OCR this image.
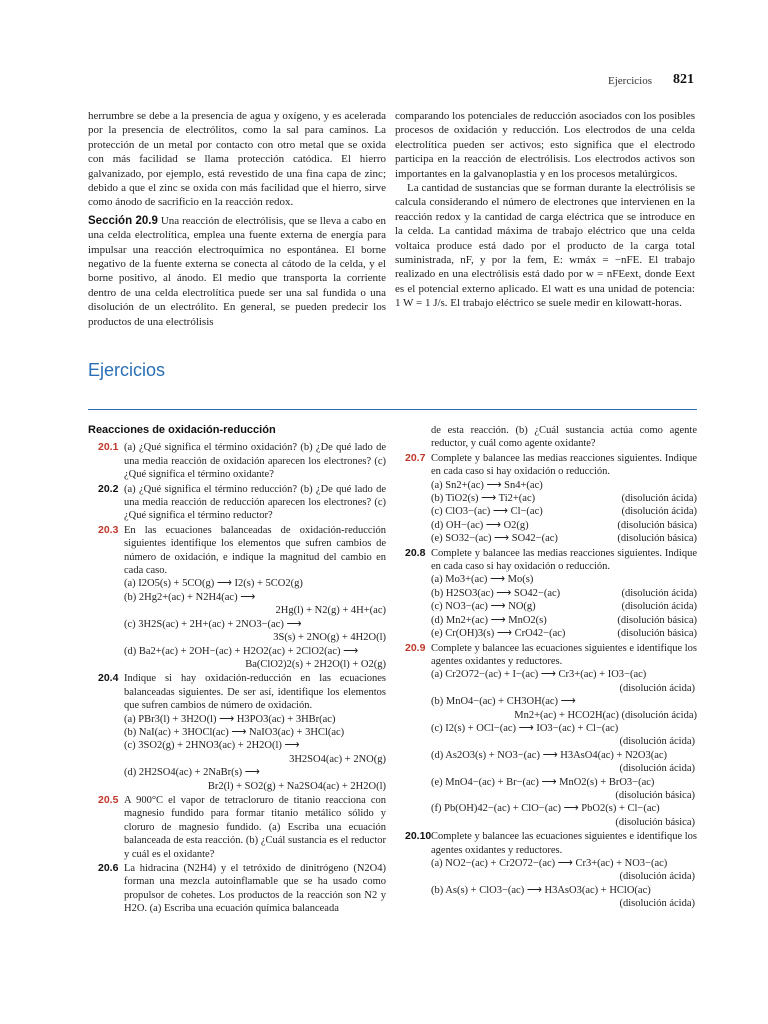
Ejercicios 821

herrumbre se debe a la presencia de agua y oxígeno, y es acelerada por la presencia de electrólitos, como la sal para caminos. La protección de un metal por contacto con otro metal que se oxida con más facilidad se llama protección catódica. El hierro galvanizado, por ejemplo, está revestido de una fina capa de zinc; debido a que el zinc se oxida con más facilidad que el hierro, sirve como ánodo de sacrificio en la reacción redox.

Sección 20.9 Una reacción de electrólisis, que se lleva a cabo en una celda electrolítica, emplea una fuente externa de energía para impulsar una reacción electroquímica no espontánea. El borne negativo de la fuente externa se conecta al cátodo de la celda, y el borne positivo, al ánodo. El medio que transporta la corriente dentro de una celda electrolítica puede ser una sal fundida o una disolución de un electrólito. En general, se pueden predecir los productos de una electrólisis

comparando los potenciales de reducción asociados con los posibles procesos de oxidación y reducción. Los electrodos de una celda electrolítica pueden ser activos; esto significa que el electrodo participa en la reacción de electrólisis. Los electrodos activos son importantes en la galvanoplastia y en los procesos metalúrgicos.

La cantidad de sustancias que se forman durante la electrólisis se calcula considerando el número de electrones que intervienen en la reacción redox y la cantidad de carga eléctrica que se introduce en la celda. La cantidad máxima de trabajo eléctrico que una celda voltaica produce está dado por el producto de la carga total suministrada, nF, y por la fem, E: wmáx = −nFE. El trabajo realizado en una electrólisis está dado por w = nFEext, donde Eext es el potencial externo aplicado. El watt es una unidad de potencia: 1 W = 1 J/s. El trabajo eléctrico se suele medir en kilowatt-horas.

Ejercicios

Reacciones de oxidación-reducción

20.1 (a) ¿Qué significa el término oxidación? (b) ¿De qué lado de una media reacción de oxidación aparecen los electrones? (c) ¿Qué significa el término oxidante?

20.2 (a) ¿Qué significa el término reducción? (b) ¿De qué lado de una media reacción de reducción aparecen los electrones? (c) ¿Qué significa el término reductor?

20.3 En las ecuaciones balanceadas de oxidación-reducción siguientes identifique los elementos que sufren cambios de número de oxidación, e indique la magnitud del cambio en cada caso.

(a) I2O5(s) + 5CO(g) ⟶ I2(s) + 5CO2(g)

(b) 2Hg2+(ac) + N2H4(ac) ⟶

2Hg(l) + N2(g) + 4H+(ac)

(c) 3H2S(ac) + 2H+(ac) + 2NO3−(ac) ⟶

3S(s) + 2NO(g) + 4H2O(l)

(d) Ba2+(ac) + 2OH−(ac) + H2O2(ac) + 2ClO2(ac) ⟶

Ba(ClO2)2(s) + 2H2O(l) + O2(g)

20.4 Indique si hay oxidación-reducción en las ecuaciones balanceadas siguientes. De ser así, identifique los elementos que sufren cambios de número de oxidación.

(a) PBr3(l) + 3H2O(l) ⟶ H3PO3(ac) + 3HBr(ac)

(b) NaI(ac) + 3HOCl(ac) ⟶ NaIO3(ac) + 3HCl(ac)

(c) 3SO2(g) + 2HNO3(ac) + 2H2O(l) ⟶

3H2SO4(ac) + 2NO(g)

(d) 2H2SO4(ac) + 2NaBr(s) ⟶

Br2(l) + SO2(g) + Na2SO4(ac) + 2H2O(l)

20.5 A 900°C el vapor de tetracloruro de titanio reacciona con magnesio fundido para formar titanio metálico sólido y cloruro de magnesio fundido. (a) Escriba una ecuación balanceada de esta reacción. (b) ¿Cuál sustancia es el reductor y cuál es el oxidante?

20.6 La hidracina (N2H4) y el tetróxido de dinitrógeno (N2O4) forman una mezcla autoinflamable que se ha usado como propulsor de cohetes. Los productos de la reacción son N2 y H2O. (a) Escriba una ecuación química balanceada

de esta reacción. (b) ¿Cuál sustancia actúa como agente reductor, y cuál como agente oxidante?

20.7 Complete y balancee las medias reacciones siguientes. Indique en cada caso si hay oxidación o reducción.

(a) Sn2+(ac) ⟶ Sn4+(ac)

(b) TiO2(s) ⟶ Ti2+(ac)	(disolución ácida)

(c) ClO3−(ac) ⟶ Cl−(ac)	(disolución ácida)

(d) OH−(ac) ⟶ O2(g)	(disolución básica)

(e) SO32−(ac) ⟶ SO42−(ac)	(disolución básica)

20.8 Complete y balancee las medias reacciones siguientes. Indique en cada caso si hay oxidación o reducción.

(a) Mo3+(ac) ⟶ Mo(s)

(b) H2SO3(ac) ⟶ SO42−(ac)	(disolución ácida)

(c) NO3−(ac) ⟶ NO(g)	(disolución ácida)

(d) Mn2+(ac) ⟶ MnO2(s)	(disolución básica)

(e) Cr(OH)3(s) ⟶ CrO42−(ac)	(disolución básica)

20.9 Complete y balancee las ecuaciones siguientes e identifique los agentes oxidantes y reductores.

(a) Cr2O72−(ac) + I−(ac) ⟶ Cr3+(ac) + IO3−(ac)

(disolución ácida)

(b) MnO4−(ac) + CH3OH(ac) ⟶

Mn2+(ac) + HCO2H(ac) (disolución ácida)

(c) I2(s) + OCl−(ac) ⟶ IO3−(ac) + Cl−(ac)

(disolución ácida)

(d) As2O3(s) + NO3−(ac) ⟶ H3AsO4(ac) + N2O3(ac)

(disolución ácida)

(e) MnO4−(ac) + Br−(ac) ⟶ MnO2(s) + BrO3−(ac)

(disolución básica)

(f) Pb(OH)42−(ac) + ClO−(ac) ⟶ PbO2(s) + Cl−(ac)

(disolución básica)

20.10 Complete y balancee las ecuaciones siguientes e identifique los agentes oxidantes y reductores.

(a) NO2−(ac) + Cr2O72−(ac) ⟶ Cr3+(ac) + NO3−(ac)

(disolución ácida)

(b) As(s) + ClO3−(ac) ⟶ H3AsO3(ac) + HClO(ac)

(disolución ácida)
